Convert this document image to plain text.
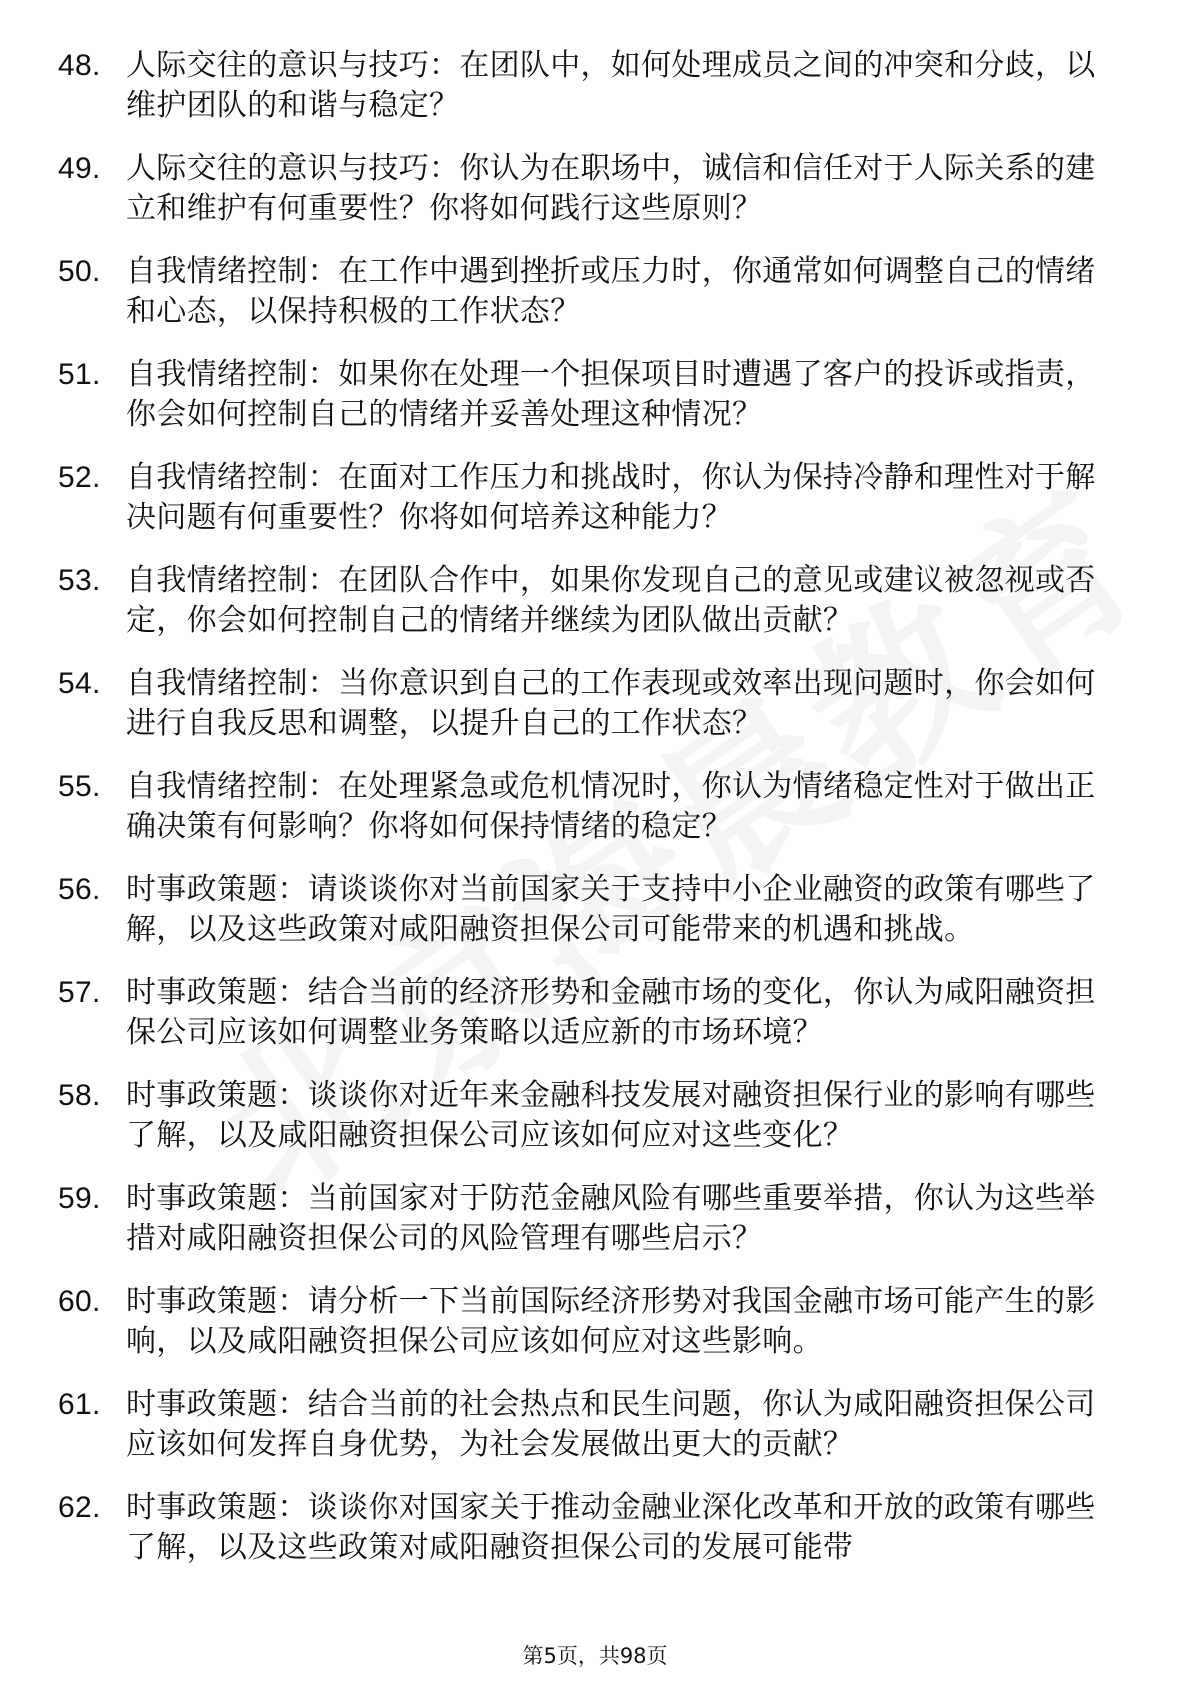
48. 人际交往的意识与技巧：在团队中，如何处理成员之间的冲突和分歧，以维护团队的和谐与稳定？
49. 人际交往的意识与技巧：你认为在职场中，诚信和信任对于人际关系的建立和维护有何重要性？你将如何践行这些原则？
50. 自我情绪控制：在工作中遇到挫折或压力时，你通常如何调整自己的情绪和心态，以保持积极的工作状态？
51. 自我情绪控制：如果你在处理一个担保项目时遭遇了客户的投诉或指责，你会如何控制自己的情绪并妥善处理这种情况？
52. 自我情绪控制：在面对工作压力和挑战时，你认为保持冷静和理性对于解决问题有何重要性？你将如何培养这种能力？
53. 自我情绪控制：在团队合作中，如果你发现自己的意见或建议被忽视或否定，你会如何控制自己的情绪并继续为团队做出贡献？
54. 自我情绪控制：当你意识到自己的工作表现或效率出现问题时，你会如何进行自我反思和调整，以提升自己的工作状态？
55. 自我情绪控制：在处理紧急或危机情况时，你认为情绪稳定性对于做出正确决策有何影响？你将如何保持情绪的稳定？
56. 时事政策题：请谈谈你对当前国家关于支持中小企业融资的政策有哪些了解，以及这些政策对咸阳融资担保公司可能带来的机遇和挑战。
57. 时事政策题：结合当前的经济形势和金融市场的变化，你认为咸阳融资担保公司应该如何调整业务策略以适应新的市场环境？
58. 时事政策题：谈谈你对近年来金融科技发展对融资担保行业的影响有哪些了解，以及咸阳融资担保公司应该如何应对这些变化？
59. 时事政策题：当前国家对于防范金融风险有哪些重要举措，你认为这些举措对咸阳融资担保公司的风险管理有哪些启示？
60. 时事政策题：请分析一下当前国际经济形势对我国金融市场可能产生的影响，以及咸阳融资担保公司应该如何应对这些影响。
61. 时事政策题：结合当前的社会热点和民生问题，你认为咸阳融资担保公司应该如何发挥自身优势，为社会发展做出更大的贡献？
62. 时事政策题：谈谈你对国家关于推动金融业深化改革和开放的政策有哪些了解，以及这些政策对咸阳融资担保公司的发展可能带
第5页，共98页
